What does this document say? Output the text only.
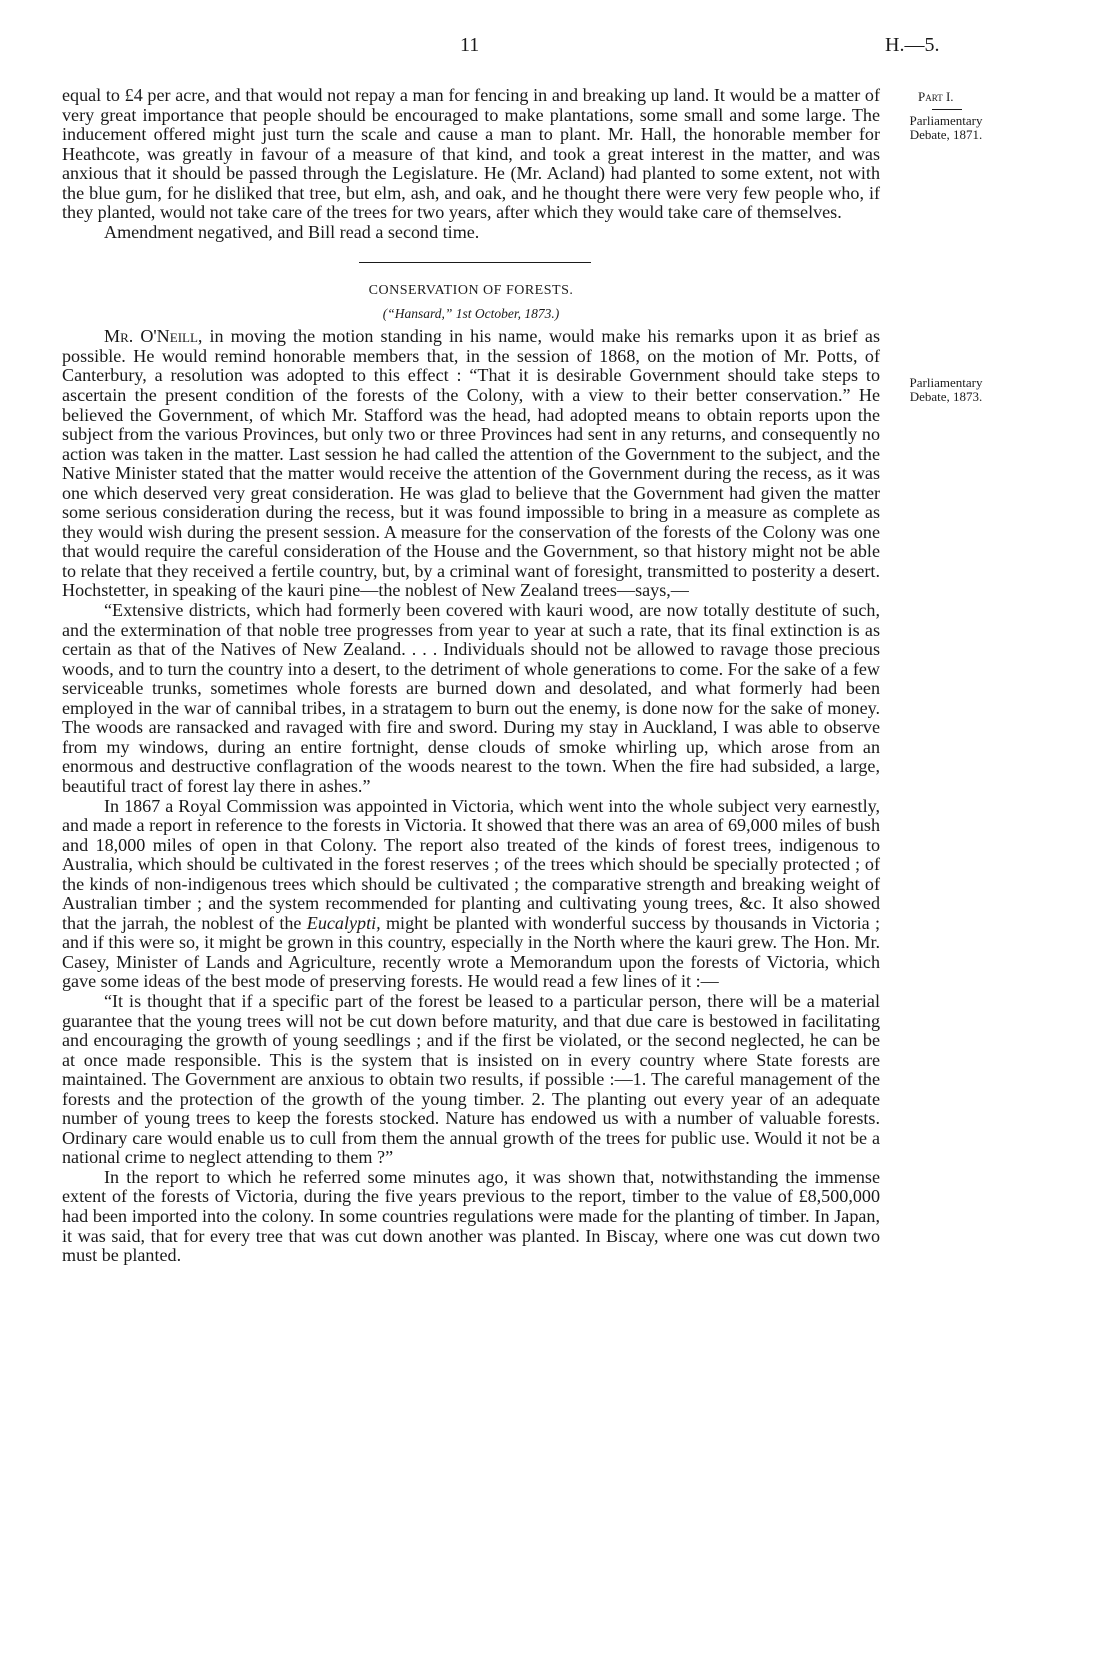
11	H.—5.
Part I.
Parliamentary Debate, 1871.
Parliamentary Debate, 1873.

equal to £4 per acre, and that would not repay a man for fencing in and breaking up land. It would be a matter of very great importance that people should be encouraged to make plantations, some small and some large. The inducement offered might just turn the scale and cause a man to plant. Mr. Hall, the honorable member for Heathcote, was greatly in favour of a measure of that kind, and took a great interest in the matter, and was anxious that it should be passed through the Legislature. He (Mr. Acland) had planted to some extent, not with the blue gum, for he disliked that tree, but elm, ash, and oak, and he thought there were very few people who, if they planted, would not take care of the trees for two years, after which they would take care of themselves.

Amendment negatived, and Bill read a second time.

CONSERVATION OF FORESTS.
(“Hansard,” 1st October, 1873.)

Mr. O'Neill, in moving the motion standing in his name, would make his remarks upon it as brief as possible. He would remind honorable members that, in the session of 1868, on the motion of Mr. Potts, of Canterbury, a resolution was adopted to this effect : “That it is desirable Government should take steps to ascertain the present condition of the forests of the Colony, with a view to their better conservation.” He believed the Government, of which Mr. Stafford was the head, had adopted means to obtain reports upon the subject from the various Provinces, but only two or three Provinces had sent in any returns, and consequently no action was taken in the matter. Last session he had called the attention of the Government to the subject, and the Native Minister stated that the matter would receive the attention of the Government during the recess, as it was one which deserved very great consideration. He was glad to believe that the Government had given the matter some serious consideration during the recess, but it was found impossible to bring in a measure as complete as they would wish during the present session. A measure for the conservation of the forests of the Colony was one that would require the careful consideration of the House and the Government, so that history might not be able to relate that they received a fertile country, but, by a criminal want of foresight, transmitted to posterity a desert. Hochstetter, in speaking of the kauri pine—the noblest of New Zealand trees—says,—

“Extensive districts, which had formerly been covered with kauri wood, are now totally destitute of such, and the extermination of that noble tree progresses from year to year at such a rate, that its final extinction is as certain as that of the Natives of New Zealand. . . . Individuals should not be allowed to ravage those precious woods, and to turn the country into a desert, to the detriment of whole generations to come. For the sake of a few serviceable trunks, sometimes whole forests are burned down and desolated, and what formerly had been employed in the war of cannibal tribes, in a stratagem to burn out the enemy, is done now for the sake of money. The woods are ransacked and ravaged with fire and sword. During my stay in Auckland, I was able to observe from my windows, during an entire fortnight, dense clouds of smoke whirling up, which arose from an enormous and destructive conflagration of the woods nearest to the town. When the fire had subsided, a large, beautiful tract of forest lay there in ashes.”

In 1867 a Royal Commission was appointed in Victoria, which went into the whole subject very earnestly, and made a report in reference to the forests in Victoria. It showed that there was an area of 69,000 miles of bush and 18,000 miles of open in that Colony. The report also treated of the kinds of forest trees, indigenous to Australia, which should be cultivated in the forest reserves ; of the trees which should be specially protected ; of the kinds of non-indigenous trees which should be cultivated ; the comparative strength and breaking weight of Australian timber ; and the system recommended for planting and cultivating young trees, &c. It also showed that the jarrah, the noblest of the Eucalypti, might be planted with wonderful success by thousands in Victoria ; and if this were so, it might be grown in this country, especially in the North where the kauri grew. The Hon. Mr. Casey, Minister of Lands and Agriculture, recently wrote a Memorandum upon the forests of Victoria, which gave some ideas of the best mode of preserving forests. He would read a few lines of it :—

“It is thought that if a specific part of the forest be leased to a particular person, there will be a material guarantee that the young trees will not be cut down before maturity, and that due care is bestowed in facilitating and encouraging the growth of young seedlings ; and if the first be violated, or the second neglected, he can be at once made responsible. This is the system that is insisted on in every country where State forests are maintained. The Government are anxious to obtain two results, if possible :—1. The careful management of the forests and the protection of the growth of the young timber. 2. The planting out every year of an adequate number of young trees to keep the forests stocked. Nature has endowed us with a number of valuable forests. Ordinary care would enable us to cull from them the annual growth of the trees for public use. Would it not be a national crime to neglect attending to them ?”

In the report to which he referred some minutes ago, it was shown that, notwithstanding the immense extent of the forests of Victoria, during the five years previous to the report, timber to the value of £8,500,000 had been imported into the colony. In some countries regulations were made for the planting of timber. In Japan, it was said, that for every tree that was cut down another was planted. In Biscay, where one was cut down two must be planted.
